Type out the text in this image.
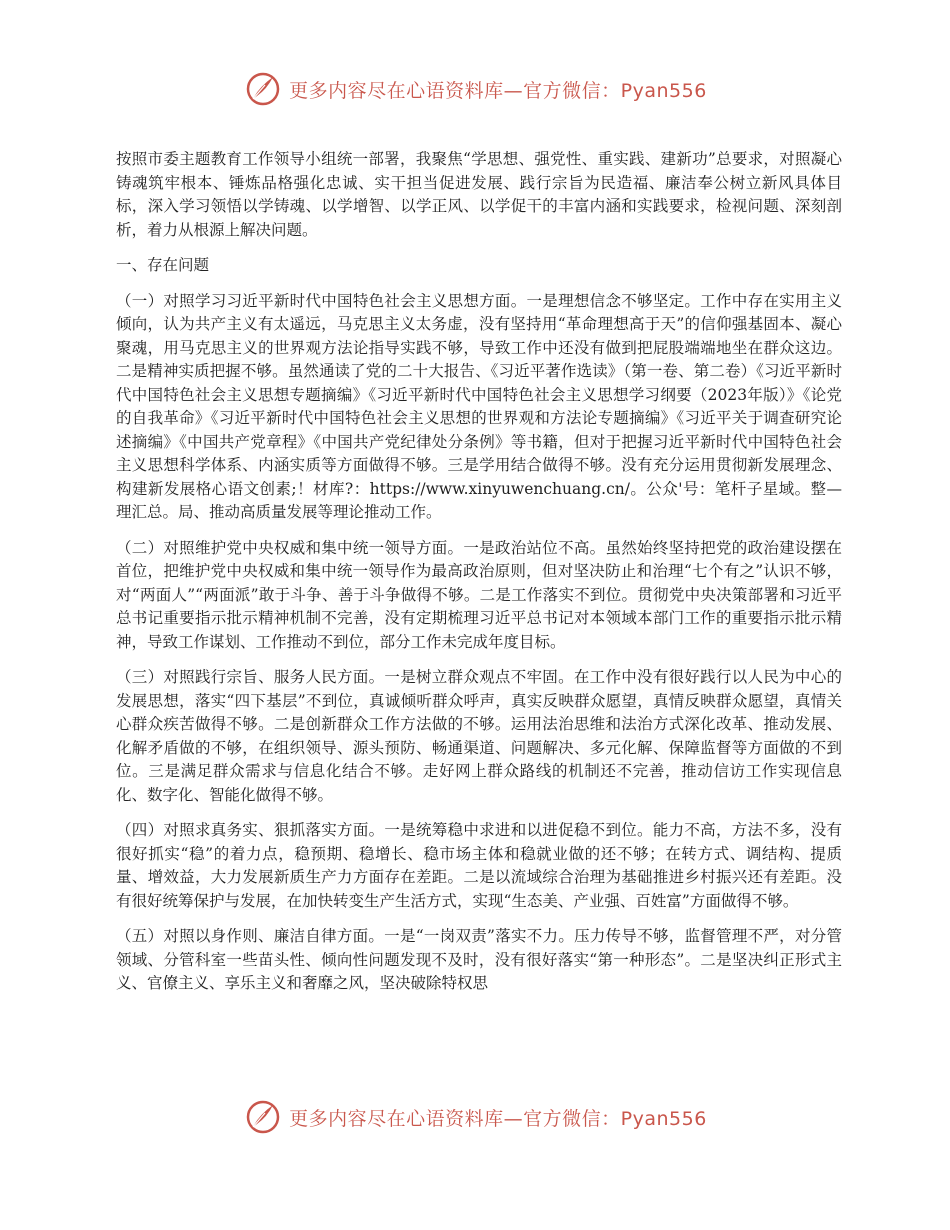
更多内容尽在心语资料库—官方微信：Pyan556

按照市委主题教育工作领导小组统一部署，我聚焦“学思想、强党性、重实践、建新功”总要求，对照凝心铸魂筑牢根本、锤炼品格强化忠诚、实干担当促进发展、践行宗旨为民造福、廉洁奉公树立新风具体目标，深入学习领悟以学铸魂、以学增智、以学正风、以学促干的丰富内涵和实践要求，检视问题、深刻剖析，着力从根源上解决问题。

一、存在问题

（一）对照学习习近平新时代中国特色社会主义思想方面。一是理想信念不够坚定。工作中存在实用主义倾向，认为共产主义有太遥远，马克思主义太务虚，没有坚持用“革命理想高于天”的信仰强基固本、凝心聚魂，用马克思主义的世界观方法论指导实践不够，导致工作中还没有做到把屁股端端地坐在群众这边。二是精神实质把握不够。虽然通读了党的二十大报告、《习近平著作选读》（第一卷、第二卷）《习近平新时代中国特色社会主义思想专题摘编》《习近平新时代中国特色社会主义思想学习纲要（2023年版）》《论党的自我革命》《习近平新时代中国特色社会主义思想的世界观和方法论专题摘编》《习近平关于调查研究论述摘编》《中国共产党章程》《中国共产党纪律处分条例》等书籍，但对于把握习近平新时代中国特色社会主义思想科学体系、内涵实质等方面做得不够。三是学用结合做得不够。没有充分运用贯彻新发展理念、构建新发展格心语文创素;！材库?：https://www.xinyuwenchuang.cn/。公众'号：笔杆子星域。整—理汇总。局、推动高质量发展等理论推动工作。

（二）对照维护党中央权威和集中统一领导方面。一是政治站位不高。虽然始终坚持把党的政治建设摆在首位，把维护党中央权威和集中统一领导作为最高政治原则，但对坚决防止和治理“七个有之”认识不够，对“两面人”“两面派”敢于斗争、善于斗争做得不够。二是工作落实不到位。贯彻党中央决策部署和习近平总书记重要指示批示精神机制不完善，没有定期梳理习近平总书记对本领域本部门工作的重要指示批示精神，导致工作谋划、工作推动不到位，部分工作未完成年度目标。

（三）对照践行宗旨、服务人民方面。一是树立群众观点不牢固。在工作中没有很好践行以人民为中心的发展思想，落实“四下基层”不到位，真诚倾听群众呼声，真实反映群众愿望，真情反映群众愿望，真情关心群众疾苦做得不够。二是创新群众工作方法做的不够。运用法治思维和法治方式深化改革、推动发展、化解矛盾做的不够，在组织领导、源头预防、畅通渠道、问题解决、多元化解、保障监督等方面做的不到位。三是满足群众需求与信息化结合不够。走好网上群众路线的机制还不完善，推动信访工作实现信息化、数字化、智能化做得不够。

（四）对照求真务实、狠抓落实方面。一是统筹稳中求进和以进促稳不到位。能力不高，方法不多，没有很好抓实“稳”的着力点，稳预期、稳增长、稳市场主体和稳就业做的还不够；在转方式、调结构、提质量、增效益，大力发展新质生产力方面存在差距。二是以流域综合治理为基础推进乡村振兴还有差距。没有很好统筹保护与发展，在加快转变生产生活方式，实现“生态美、产业强、百姓富”方面做得不够。

（五）对照以身作则、廉洁自律方面。一是“一岗双责”落实不力。压力传导不够，监督管理不严，对分管领域、分管科室一些苗头性、倾向性问题发现不及时，没有很好落实“第一种形态”。二是坚决纠正形式主义、官僚主义、享乐主义和奢靡之风，坚决破除特权思

更多内容尽在心语资料库—官方微信：Pyan556
